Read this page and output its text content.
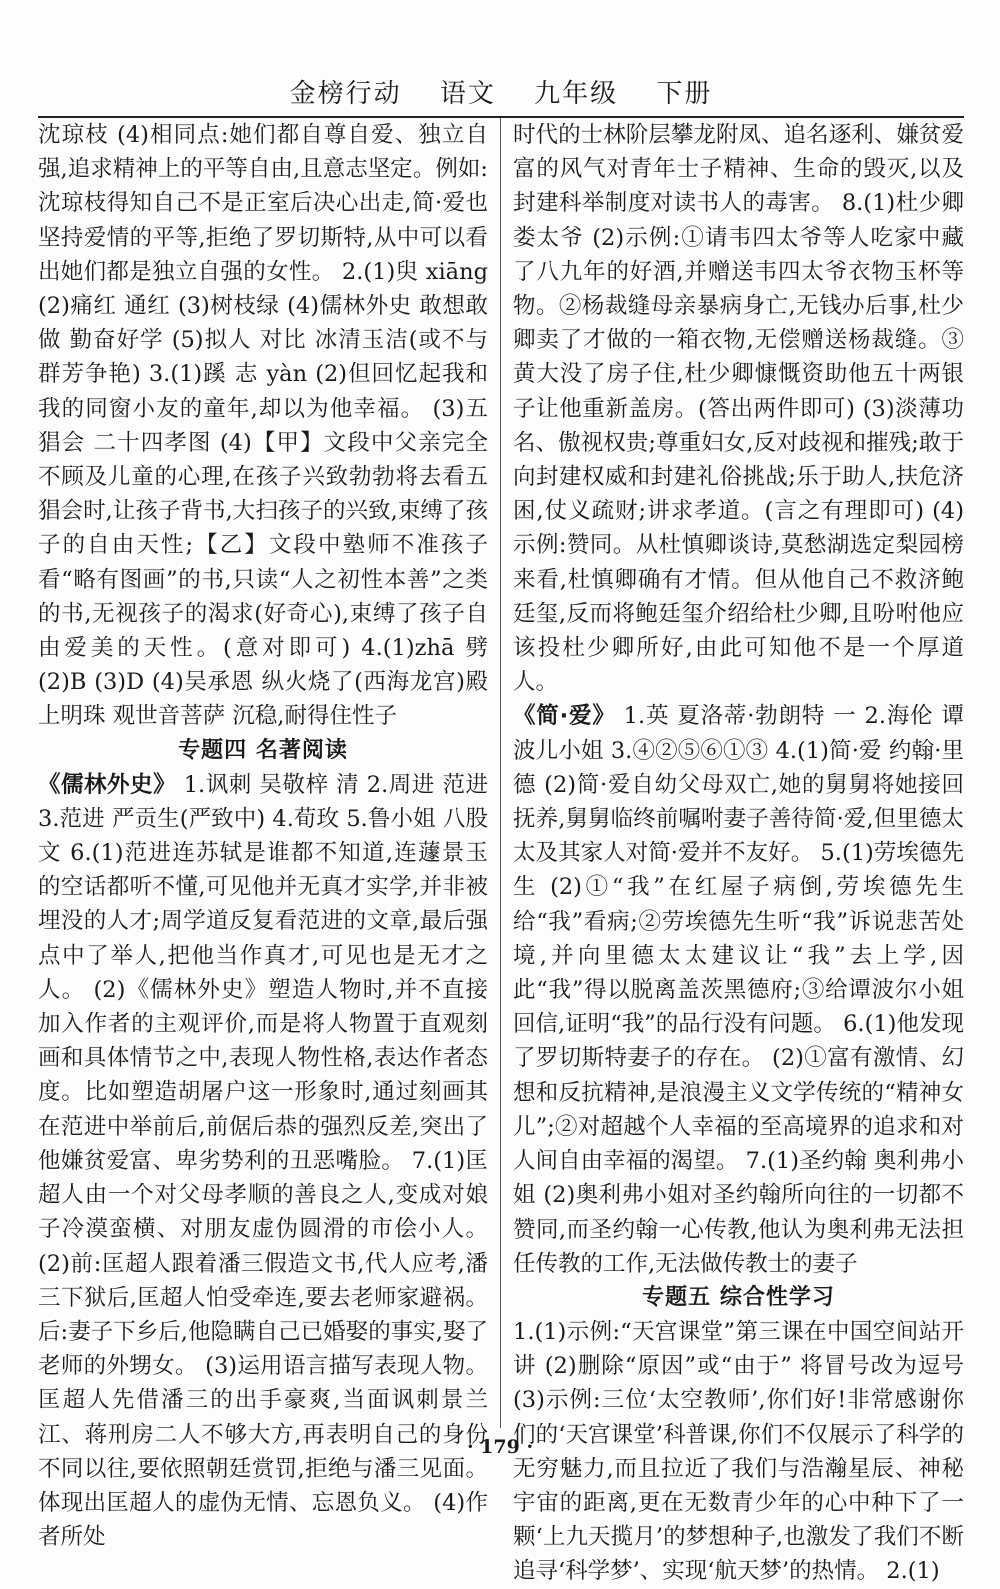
金榜行动 语文 九年级 下册

沈琼枝 (4)相同点:她们都自尊自爱、独立自强,追求精神上的平等自由,且意志坚定。例如:沈琼枝得知自己不是正室后决心出走,简·爱也坚持爱情的平等,拒绝了罗切斯特,从中可以看出她们都是独立自强的女性。 2.(1)臾 xiāng (2)痛红 通红 (3)树枝绿 (4)儒林外史 敢想敢做 勤奋好学 (5)拟人 对比 冰清玉洁(或不与群芳争艳) 3.(1)蹊 志 yàn (2)但回忆起我和我的同窗小友的童年,却以为他幸福。 (3)五猖会 二十四孝图 (4)【甲】文段中父亲完全不顾及儿童的心理,在孩子兴致勃勃将去看五猖会时,让孩子背书,大扫孩子的兴致,束缚了孩子的自由天性;【乙】文段中塾师不准孩子看“略有图画”的书,只读“人之初性本善”之类的书,无视孩子的渴求(好奇心),束缚了孩子自由爱美的天性。(意对即可) 4.(1)zhā 劈 (2)B (3)D (4)吴承恩 纵火烧了(西海龙宫)殿上明珠 观世音菩萨 沉稳,耐得住性子

专题四 名著阅读

《儒林外史》 1.讽刺 吴敬梓 清 2.周进 范进 3.范进 严贡生(严致中) 4.荀玫 5.鲁小姐 八股文 6.(1)范进连苏轼是谁都不知道,连蘧景玉的空话都听不懂,可见他并无真才实学,并非被埋没的人才;周学道反复看范进的文章,最后强点中了举人,把他当作真才,可见也是无才之人。 (2)《儒林外史》塑造人物时,并不直接加入作者的主观评价,而是将人物置于直观刻画和具体情节之中,表现人物性格,表达作者态度。比如塑造胡屠户这一形象时,通过刻画其在范进中举前后,前倨后恭的强烈反差,突出了他嫌贫爱富、卑劣势利的丑恶嘴脸。 7.(1)匡超人由一个对父母孝顺的善良之人,变成对娘子冷漠蛮横、对朋友虚伪圆滑的市侩小人。 (2)前:匡超人跟着潘三假造文书,代人应考,潘三下狱后,匡超人怕受牵连,要去老师家避祸。后:妻子下乡后,他隐瞒自己已婚娶的事实,娶了老师的外甥女。 (3)运用语言描写表现人物。匡超人先借潘三的出手豪爽,当面讽刺景兰江、蒋刑房二人不够大方,再表明自己的身份不同以往,要依照朝廷赏罚,拒绝与潘三见面。体现出匡超人的虚伪无情、忘恩负义。 (4)作者所处

时代的士林阶层攀龙附凤、追名逐利、嫌贫爱富的风气对青年士子精神、生命的毁灭,以及封建科举制度对读书人的毒害。 8.(1)杜少卿 娄太爷 (2)示例:①请韦四太爷等人吃家中藏了八九年的好酒,并赠送韦四太爷衣物玉杯等物。②杨裁缝母亲暴病身亡,无钱办后事,杜少卿卖了才做的一箱衣物,无偿赠送杨裁缝。③黄大没了房子住,杜少卿慷慨资助他五十两银子让他重新盖房。(答出两件即可) (3)淡薄功名、傲视权贵;尊重妇女,反对歧视和摧残;敢于向封建权威和封建礼俗挑战;乐于助人,扶危济困,仗义疏财;讲求孝道。(言之有理即可) (4)示例:赞同。从杜慎卿谈诗,莫愁湖选定梨园榜来看,杜慎卿确有才情。但从他自己不救济鲍廷玺,反而将鲍廷玺介绍给杜少卿,且吩咐他应该投杜少卿所好,由此可知他不是一个厚道人。

《简·爱》 1.英 夏洛蒂·勃朗特 一 2.海伦 谭波儿小姐 3.④②⑤⑥①③ 4.(1)简·爱 约翰·里德 (2)简·爱自幼父母双亡,她的舅舅将她接回抚养,舅舅临终前嘱咐妻子善待简·爱,但里德太太及其家人对简·爱并不友好。 5.(1)劳埃德先生 (2)①“我”在红屋子病倒,劳埃德先生给“我”看病;②劳埃德先生听“我”诉说悲苦处境,并向里德太太建议让“我”去上学,因此“我”得以脱离盖茨黑德府;③给谭波尔小姐回信,证明“我”的品行没有问题。 6.(1)他发现了罗切斯特妻子的存在。 (2)①富有激情、幻想和反抗精神,是浪漫主义文学传统的“精神女儿”;②对超越个人幸福的至高境界的追求和对人间自由幸福的渴望。 7.(1)圣约翰 奥利弗小姐 (2)奥利弗小姐对圣约翰所向往的一切都不赞同,而圣约翰一心传教,他认为奥利弗无法担任传教的工作,无法做传教士的妻子

专题五 综合性学习

1.(1)示例:“天宫课堂”第三课在中国空间站开讲 (2)删除“原因”或“由于” 将冒号改为逗号 (3)示例:三位‘太空教师’,你们好!非常感谢你们的‘天宫课堂’科普课,你们不仅展示了科学的无穷魅力,而且拉近了我们与浩瀚星辰、神秘宇宙的距离,更在无数青少年的心中种下了一颗‘上九天揽月’的梦想种子,也激发了我们不断追寻‘科学梦’、实现‘航天梦’的热情。 2.(1)

· 179 ·
